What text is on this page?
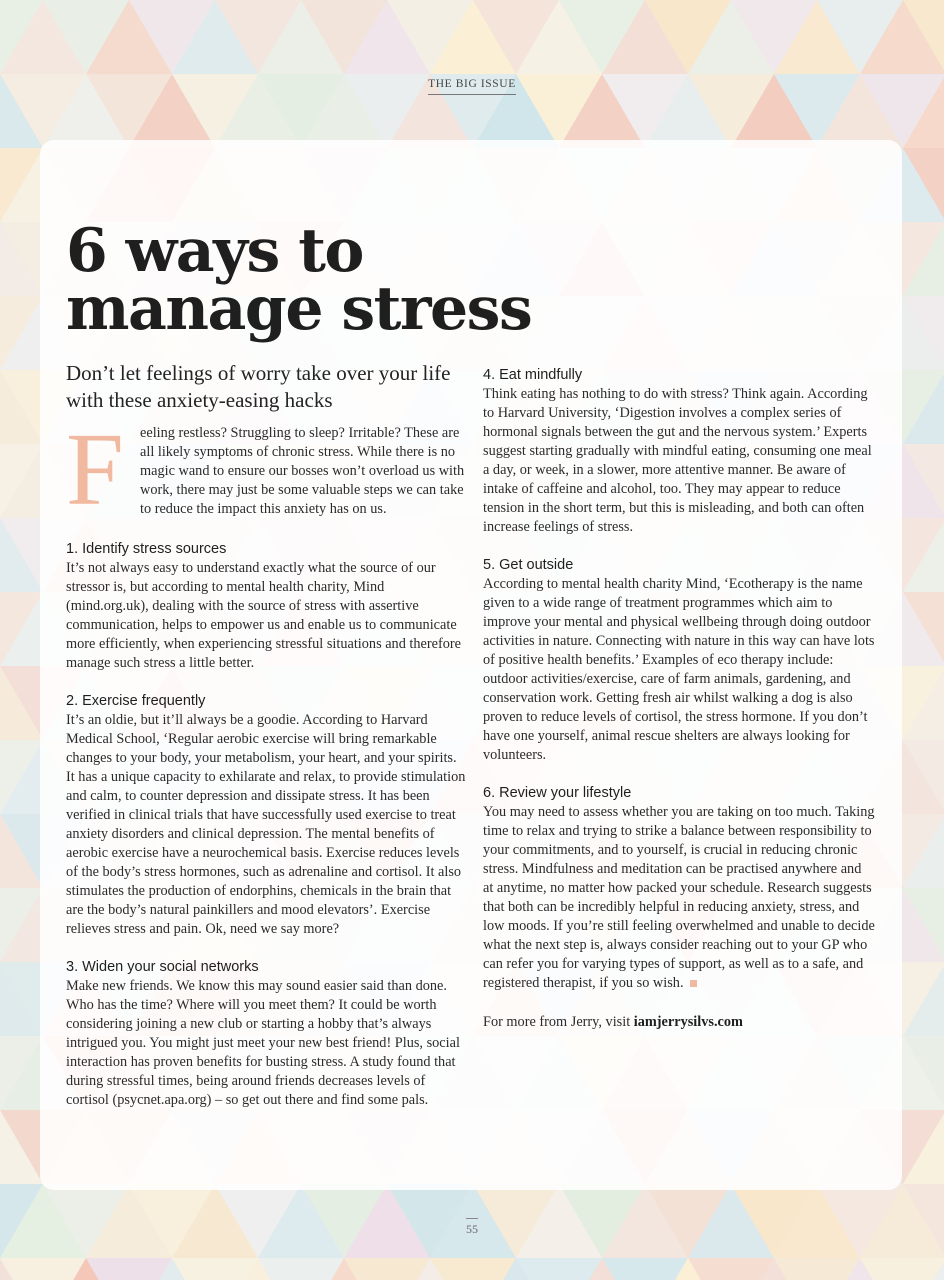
THE BIG ISSUE
6 ways to
manage stress

Don’t let feelings of worry take over your life with these anxiety-easing hacks

F	eeling restless? Struggling to sleep? Irritable? These are all likely symptoms of chronic stress. While there is no magic wand to ensure our bosses won’t overload us with work, there may just be some valuable steps we can take to reduce the impact this anxiety has on us.

1. Identify stress sources

It’s not always easy to understand exactly what the source of our stressor is, but according to mental health charity, Mind (mind.org.uk), dealing with the source of stress with assertive communication, helps to empower us and enable us to communicate more efficiently, when experiencing stressful situations and therefore manage such stress a little better.

2. Exercise frequently

It’s an oldie, but it’ll always be a goodie. According to Harvard Medical School, ‘Regular aerobic exercise will bring remarkable changes to your body, your metabolism, your heart, and your spirits. It has a unique capacity to exhilarate and relax, to provide stimulation and calm, to counter depression and dissipate stress. It has been verified in clinical trials that have successfully used exercise to treat anxiety disorders and clinical depression. The mental benefits of aerobic exercise have a neurochemical basis. Exercise reduces levels of the body’s stress hormones, such as adrenaline and cortisol. It also stimulates the production of endorphins, chemicals in the brain that are the body’s natural painkillers and mood elevators’. Exercise relieves stress and pain. Ok, need we say more?

3. Widen your social networks

Make new friends. We know this may sound easier said than done. Who has the time? Where will you meet them? It could be worth considering joining a new club or starting a hobby that’s always intrigued you. You might just meet your new best friend! Plus, social interaction has proven benefits for busting stress. A study found that during stressful times, being around friends decreases levels of cortisol (psycnet.apa.org) – so get out there and find some pals.

4. Eat mindfully

Think eating has nothing to do with stress? Think again. According to Harvard University, ‘Digestion involves a complex series of hormonal signals between the gut and the nervous system.’ Experts suggest starting gradually with mindful eating, consuming one meal a day, or week, in a slower, more attentive manner. Be aware of intake of caffeine and alcohol, too. They may appear to reduce tension in the short term, but this is misleading, and both can often increase feelings of stress.

5. Get outside

According to mental health charity Mind, ‘Ecotherapy is the name given to a wide range of treatment programmes which aim to improve your mental and physical wellbeing through doing outdoor activities in nature. Connecting with nature in this way can have lots of positive health benefits.’ Examples of eco therapy include: outdoor activities/exercise, care of farm animals, gardening, and conservation work. Getting fresh air whilst walking a dog is also proven to reduce levels of cortisol, the stress hormone. If you don’t have one yourself, animal rescue shelters are always looking for volunteers.

6. Review your lifestyle

You may need to assess whether you are taking on too much. Taking time to relax and trying to strike a balance between responsibility to your commitments, and to yourself, is crucial in reducing chronic stress. Mindfulness and meditation can be practised anywhere and at anytime, no matter how packed your schedule. Research suggests that both can be incredibly helpful in reducing anxiety, stress, and low moods. If you’re still feeling overwhelmed and unable to decide what the next step is, always consider reaching out to your GP who can refer you for varying types of support, as well as to a safe, and registered therapist, if you so wish.

For more from Jerry, visit iamjerrysilvs.com

55
